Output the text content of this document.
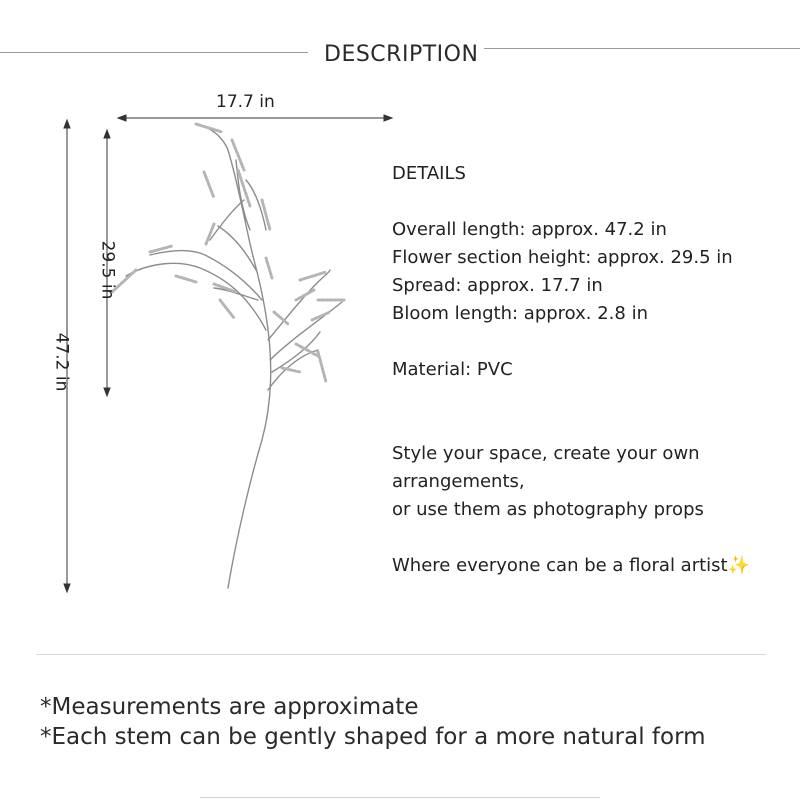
DESCRIPTION
17.7 in
29.5 in
47.2 in

DETAILS

Overall length: approx. 47.2 in

Flower section height: approx. 29.5 in

Spread: approx. 17.7 in

Bloom length: approx. 2.8 in

Material: PVC

Style your space, create your own

arrangements,

or use them as photography props

Where everyone can be a floral artist✨

*Measurements are approximate

*Each stem can be gently shaped for a more natural form
